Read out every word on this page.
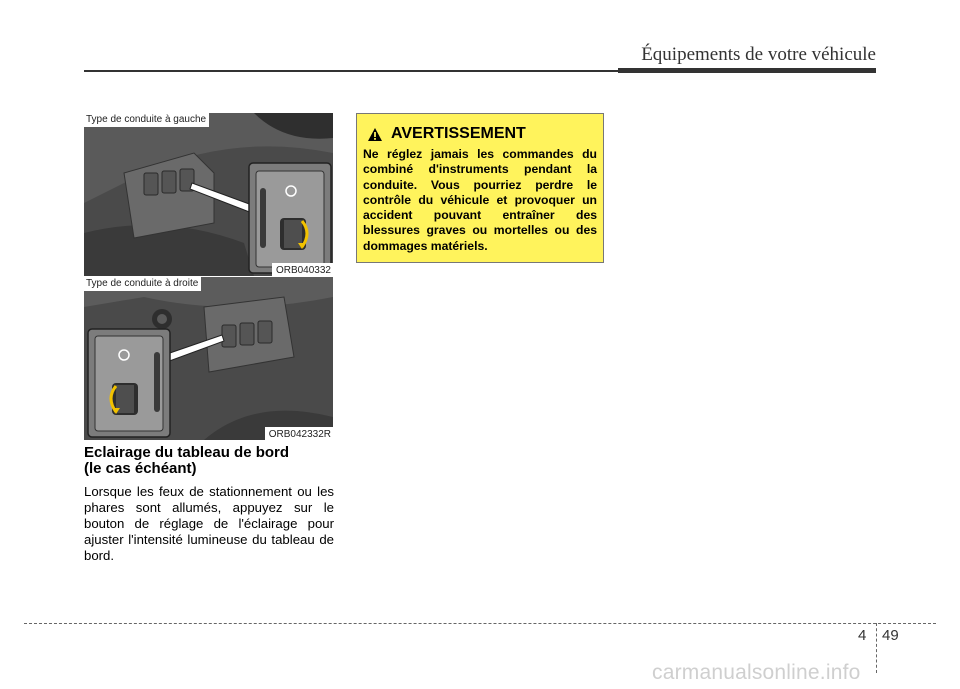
Équipements de votre véhicule
Type de conduite à gauche
ORB040332
Type de conduite à droite
ORB042332R
Eclairage du tableau de bord
(le cas échéant)
Lorsque les feux de stationnement ou les phares sont allumés, appuyez sur le bouton de réglage de l'éclairage pour ajuster l'intensité lumineuse du tableau de bord.
AVERTISSEMENT
Ne réglez jamais les commandes du combiné d'instruments pendant la conduite. Vous pourriez perdre le contrôle du véhicule et provoquer un accident pouvant entraîner des blessures graves ou mortelles ou des dommages matériels.
4 49
carmanualsonline.info
